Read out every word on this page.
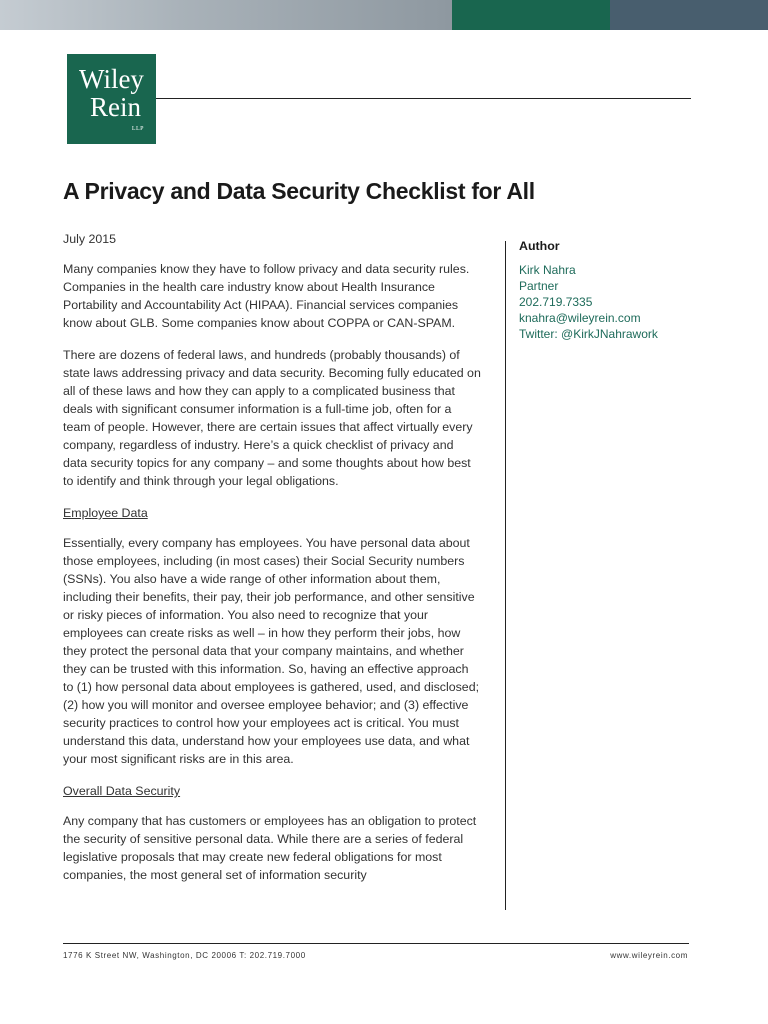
Wiley
Rein
LLP
A Privacy and Data Security Checklist for All

July 2015

Many companies know they have to follow privacy and data security rules. Companies in the health care industry know about Health Insurance Portability and Accountability Act (HIPAA). Financial services companies know about GLB. Some companies know about COPPA or CAN-SPAM.

There are dozens of federal laws, and hundreds (probably thousands) of state laws addressing privacy and data security. Becoming fully educated on all of these laws and how they can apply to a complicated business that deals with significant consumer information is a full-time job, often for a team of people. However, there are certain issues that affect virtually every company, regardless of industry. Here’s a quick checklist of privacy and data security topics for any company – and some thoughts about how best to identify and think through your legal obligations.

Employee Data

Essentially, every company has employees. You have personal data about those employees, including (in most cases) their Social Security numbers (SSNs). You also have a wide range of other information about them, including their benefits, their pay, their job performance, and other sensitive or risky pieces of information. You also need to recognize that your employees can create risks as well – in how they perform their jobs, how they protect the personal data that your company maintains, and whether they can be trusted with this information. So, having an effective approach to (1) how personal data about employees is gathered, used, and disclosed; (2) how you will monitor and oversee employee behavior; and (3) effective security practices to control how your employees act is critical. You must understand this data, understand how your employees use data, and what your most significant risks are in this area.

Overall Data Security

Any company that has customers or employees has an obligation to protect the security of sensitive personal data. While there are a series of federal legislative proposals that may create new federal obligations for most companies, the most general set of information security

Author
Kirk Nahra
Partner
202.719.7335
knahra@wileyrein.com
Twitter: @KirkJNahrawork
1776 K Street NW, Washington, DC 20006 T: 202.719.7000	www.wileyrein.com
